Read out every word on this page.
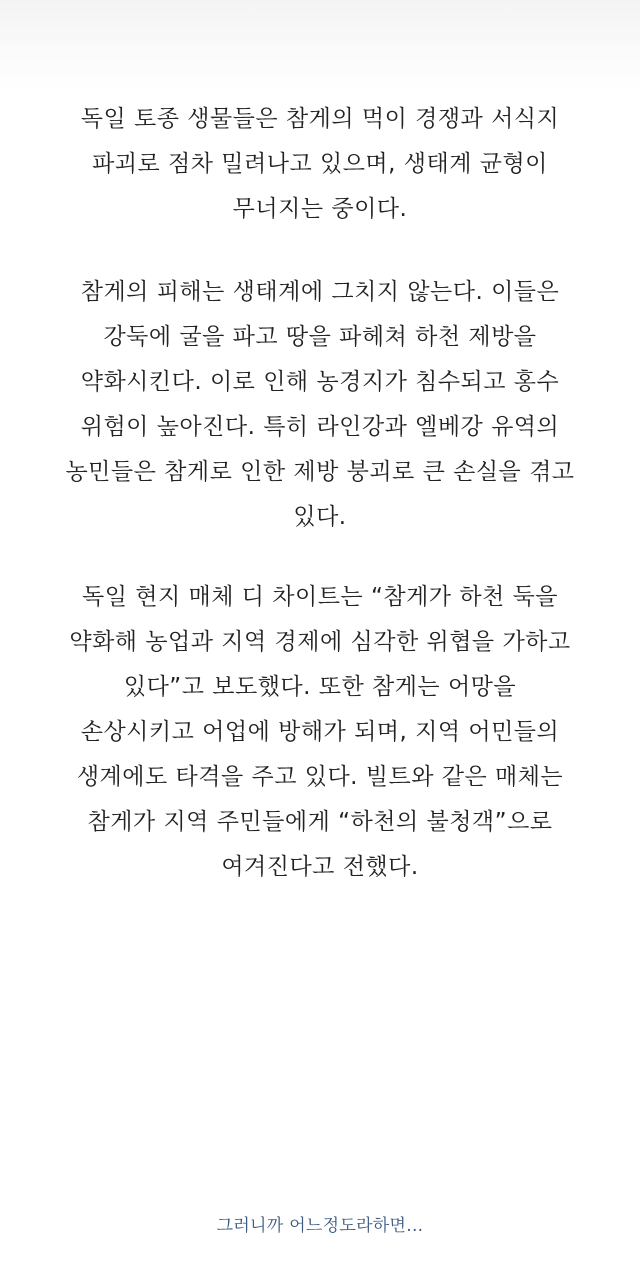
독일 토종 생물들은 참게의 먹이 경쟁과 서식지
파괴로 점차 밀려나고 있으며, 생태계 균형이
무너지는 중이다.

참게의 피해는 생태계에 그치지 않는다. 이들은
강둑에 굴을 파고 땅을 파헤쳐 하천 제방을
약화시킨다. 이로 인해 농경지가 침수되고 홍수
위험이 높아진다. 특히 라인강과 엘베강 유역의
농민들은 참게로 인한 제방 붕괴로 큰 손실을 겪고
있다.

독일 현지 매체 디 차이트는 “참게가 하천 둑을
약화해 농업과 지역 경제에 심각한 위협을 가하고
있다”고 보도했다. 또한 참게는 어망을
손상시키고 어업에 방해가 되며, 지역 어민들의
생계에도 타격을 주고 있다. 빌트와 같은 매체는
참게가 지역 주민들에게 “하천의 불청객”으로
여겨진다고 전했다.

그러니까 어느정도라하면...
